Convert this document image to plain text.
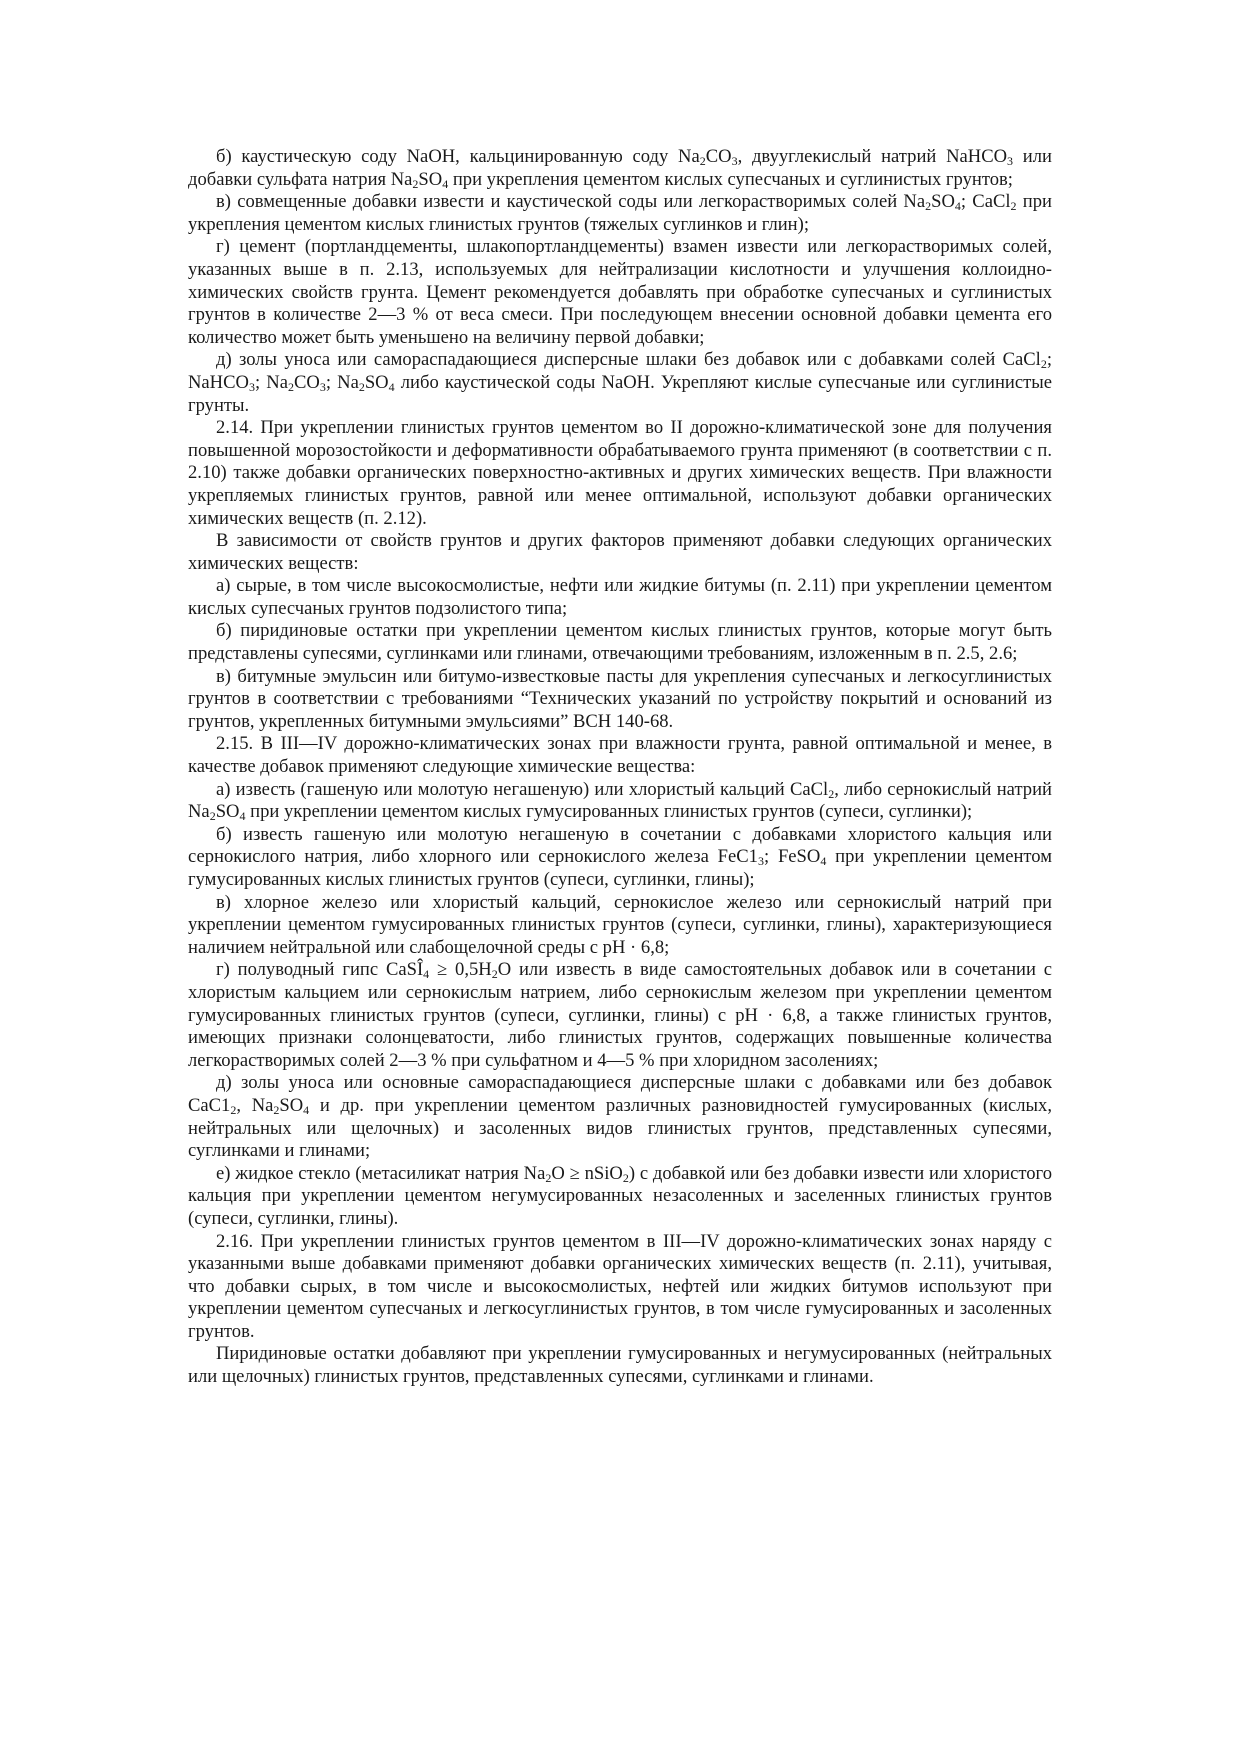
б) каустическую соду NaOH, кальцинированную соду $Na_2CO_3$, двууглекислый натрий NaHCO$_3$ или добавки сульфата натрия $Na_2SO_4$ при укрепления цементом кислых супесчаных и суглинистых грунтов;

в) совмещенные добавки извести и каустической соды или легкорастворимых солей $Na_2SO_4$; CaCl$_2$ при укрепления цементом кислых глинистых грунтов (тяжелых суглинков и глин);

г) цемент (портландцементы, шлакопортландцементы) взамен извести или легкорастворимых солей, указанных выше в п. 2.13, используемых для нейтрализации кислотности и улучшения коллоидно-химических свойств грунта. Цемент рекомендуется добавлять при обработке супесчаных и суглинистых грунтов в количестве 2—3 % от веса смеси. При последующем внесении основной добавки цемента его количество может быть уменьшено на величину первой добавки;

д) золы уноса или самораспадающиеся дисперсные шлаки без добавок или с добавками солей CaCl$_2$; NaHCO$_3$; $Na_2CO_3$; $Na_2SO_4$ либо каустической соды NaOH. Укрепляют кислые супесчаные или суглинистые грунты.

2.14. При укреплении глинистых грунтов цементом во II дорожно-климатической зоне для получения повышенной морозостойкости и деформативности обрабатываемого грунта применяют (в соответствии с п. 2.10) также добавки органических поверхностно-активных и других химических веществ. При влажности укрепляемых глинистых грунтов, равной или менее оптимальной, используют добавки органических химических веществ (п. 2.12).

В зависимости от свойств грунтов и других факторов применяют добавки следующих органических химических веществ:

а) сырые, в том числе высокосмолистые, нефти или жидкие битумы (п. 2.11) при укреплении цементом кислых супесчаных грунтов подзолистого типа;

б) пиридиновые остатки при укреплении цементом кислых глинистых грунтов, которые могут быть представлены супесями, суглинками или глинами, отвечающими требованиям, изложенным в п. 2.5, 2.6;

в) битумные эмульсин или битумо-известковые пасты для укрепления супесчаных и легкосуглинистых грунтов в соответствии с требованиями “Технических указаний по устройству покрытий и оснований из грунтов, укрепленных битумными эмульсиями” ВСН 140-68.

2.15. В III—IV дорожно-климатических зонах при влажности грунта, равной оптимальной и менее, в качестве добавок применяют следующие химические вещества:

а) известь (гашеную или молотую негашеную) или хлористый кальций CaCl$_2$, либо сернокислый натрий $Na_2SO_4$ при укреплении цементом кислых гумусированных глинистых грунтов (супеси, суглинки);

б) известь гашеную или молотую негашеную в сочетании с добавками хлористого кальция или сернокислого натрия, либо хлорного или сернокислого железа $FeC1_3$; FeSO$_4$ при укреплении цементом гумусированных кислых глинистых грунтов (супеси, суглинки, глины);

в) хлорное железо или хлористый кальций, сернокислое железо или сернокислый натрий при укреплении цементом гумусированных глинистых грунтов (супеси, суглинки, глины), характеризующиеся наличием нейтральной или слабощелочной среды с pH · 6,8;

г) полуводный гипс CaSÎ$_4$ ≥ $0,5H_2O$ или известь в виде самостоятельных добавок или в сочетании с хлористым кальцием или сернокислым натрием, либо сернокислым железом при укреплении цементом гумусированных глинистых грунтов (супеси, суглинки, глины) с pH · 6,8, а также глинистых грунтов, имеющих признаки солонцеватости, либо глинистых грунтов, содержащих повышенные количества легкорастворимых солей 2—3 % при сульфатном и 4—5 % при хлоридном засолениях;

д) золы уноса или основные самораспадающиеся дисперсные шлаки с добавками или без добавок $CaC1_2$, $Na_2SO_4$ и др. при укреплении цементом различных разновидностей гумусированных (кислых, нейтральных или щелочных) и засоленных видов глинистых грунтов, представленных супесями, суглинками и глинами;

е) жидкое стекло (метасиликат натрия $Na_2O$ ≥ nSiO$_2$) с добавкой или без добавки извести или хлористого кальция при укреплении цементом негумусированных незасоленных и заселенных глинистых грунтов (супеси, суглинки, глины).

2.16. При укреплении глинистых грунтов цементом в III—IV дорожно-климатических зонах наряду с указанными выше добавками применяют добавки органических химических веществ (п. 2.11), учитывая, что добавки сырых, в том числе и высокосмолистых, нефтей или жидких битумов используют при укреплении цементом супесчаных и легкосуглинистых грунтов, в том числе гумусированных и засоленных грунтов.

Пиридиновые остатки добавляют при укреплении гумусированных и негумусированных (нейтральных или щелочных) глинистых грунтов, представленных супесями, суглинками и глинами.
